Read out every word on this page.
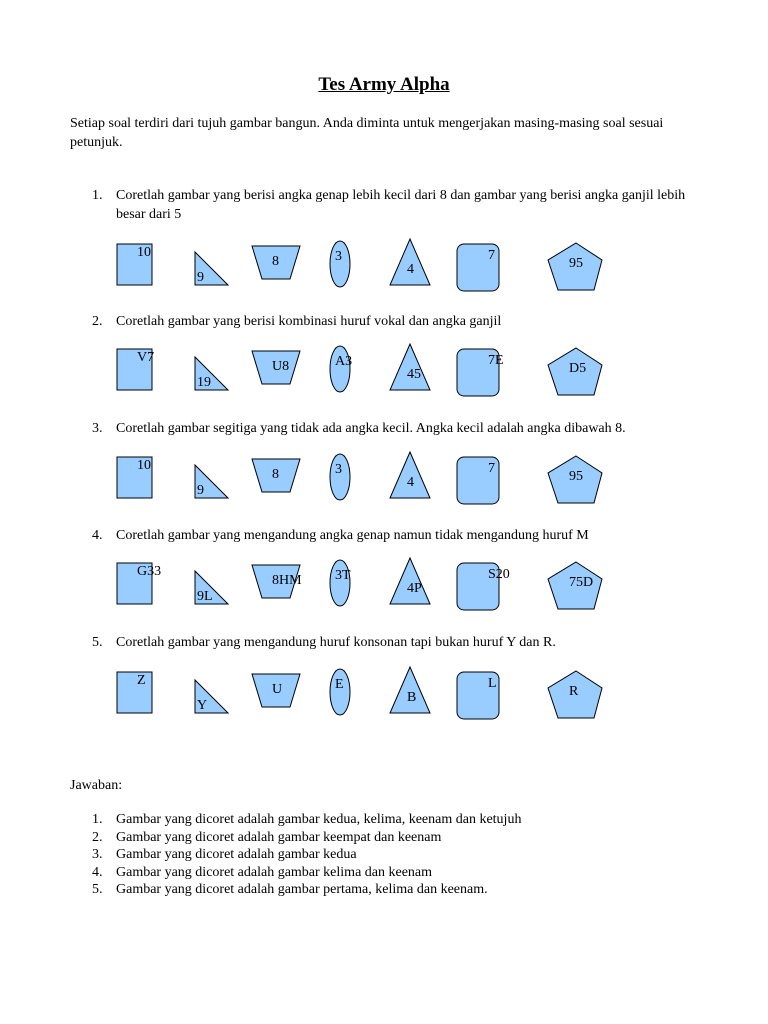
Tes Army Alpha
Setiap soal terdiri dari tujuh gambar bangun. Anda diminta untuk mengerjakan masing-masing soal sesuai petunjuk.
1. Coretlah gambar yang berisi angka genap lebih kecil dari 8 dan gambar yang berisi angka ganjil lebih besar dari 5
10
9
8	3
4
7
95
2. Coretlah gambar yang berisi kombinasi huruf vokal dan angka ganjil
V7
19
U8	A3
45
7E
D5
3. Coretlah gambar segitiga yang tidak ada angka kecil. Angka kecil adalah angka dibawah 8.
10
9
8	3
4
7
95
4. Coretlah gambar yang mengandung angka genap namun tidak mengandung huruf M
G33
9L
8HM 3T
4P
S20
75D
5. Coretlah gambar yang mengandung huruf konsonan tapi bukan huruf Y dan R.
Z
Y
U	E
B
L
R
Jawaban:
1. Gambar yang dicoret adalah gambar kedua, kelima, keenam dan ketujuh
2. Gambar yang dicoret adalah gambar keempat dan keenam
3. Gambar yang dicoret adalah gambar kedua
4. Gambar yang dicoret adalah gambar kelima dan keenam
5. Gambar yang dicoret adalah gambar pertama, kelima dan keenam.
